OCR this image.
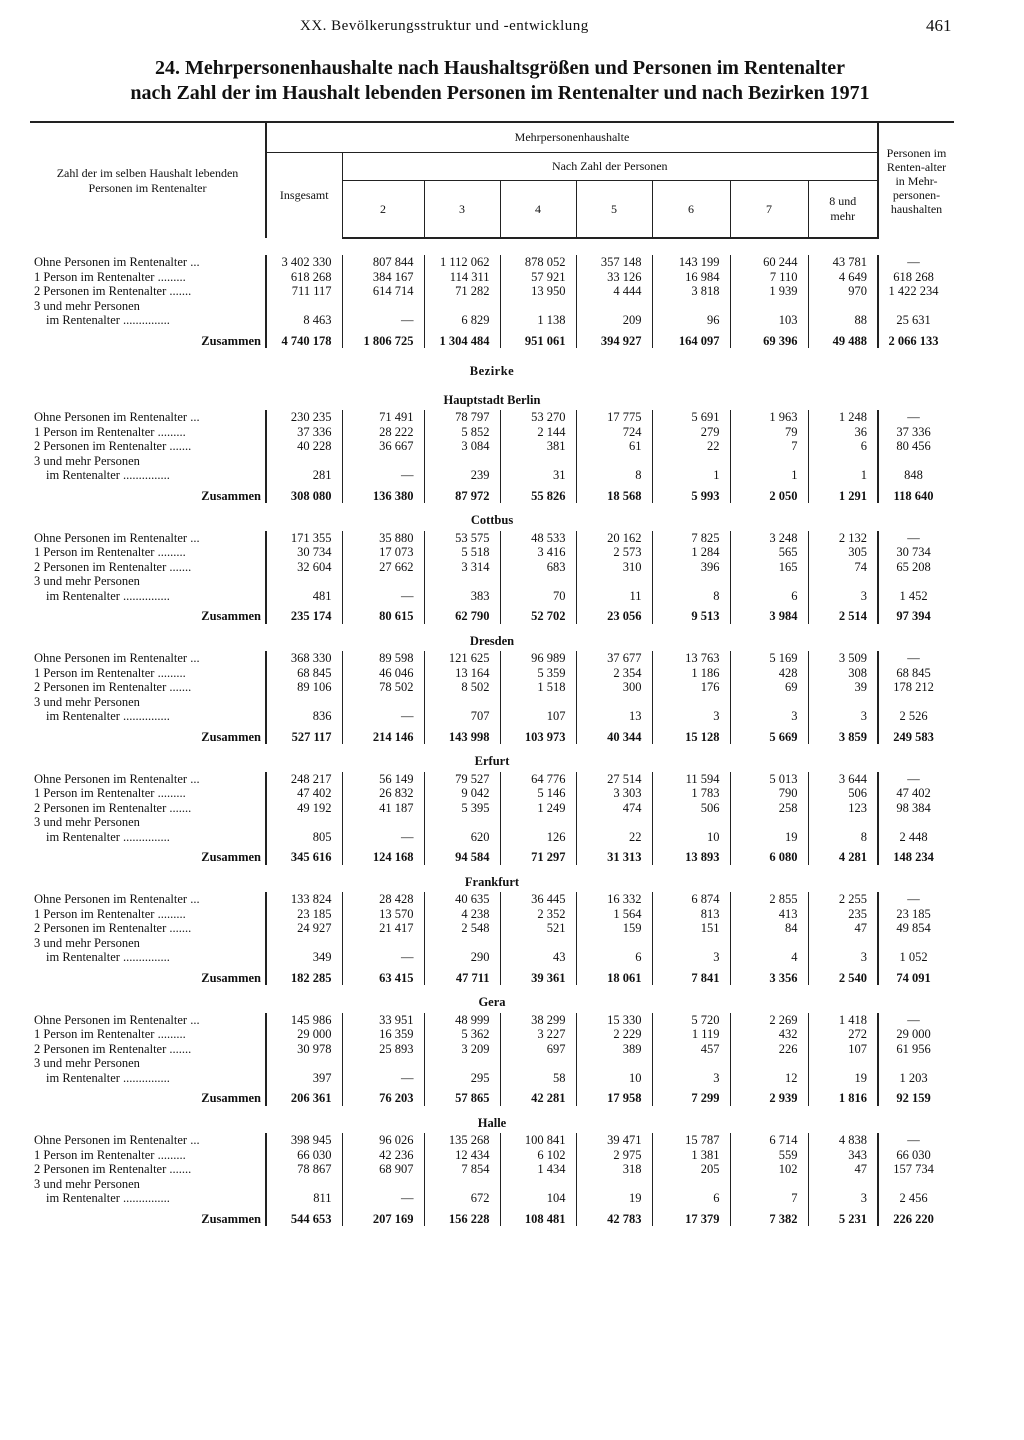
XX. Bevölkerungsstruktur und -entwicklung	461
24. Mehrpersonenhaushalte nach Haushaltsgrößen und Personen im Rentenalter
nach Zahl der im Haushalt lebenden Personen im Rentenalter und nach Bezirken 1971
Zahl der im selben Haushalt lebenden Personen im Rentenalter	Mehrpersonenhaushalte								Personen im Renten-alter in Mehr-personen-haushalten
	Insgesamt	Nach Zahl der Personen							
		2	3	4	5	6	7	8 und mehr	

Ohne Personen im Rentenalter ...	3 402 330	807 844	1 112 062	878 052	357 148	143 199	60 244	43 781	—

1 Person im Rentenalter .........	618 268	384 167	114 311	57 921	33 126	16 984	7 110	4 649	618 268

2 Personen im Rentenalter .......	711 117	614 714	71 282	13 950	4 444	3 818	1 939	970	1 422 234

3 und mehr Personen
im Rentenalter ...............	8 463	—	6 829	1 138	209	96	103	88	25 631
Zusammen	4 740 178	1 806 725	1 304 484	951 061	394 927	164 097	69 396	49 488	2 066 133
Bezirke									
Hauptstadt Berlin									

Ohne Personen im Rentenalter ...	230 235	71 491	78 797	53 270	17 775	5 691	1 963	1 248	—

1 Person im Rentenalter .........	37 336	28 222	5 852	2 144	724	279	79	36	37 336

2 Personen im Rentenalter .......	40 228	36 667	3 084	381	61	22	7	6	80 456

3 und mehr Personen
im Rentenalter ...............	281	—	239	31	8	1	1	1	848
Zusammen	308 080	136 380	87 972	55 826	18 568	5 993	2 050	1 291	118 640
Cottbus									

Ohne Personen im Rentenalter ...	171 355	35 880	53 575	48 533	20 162	7 825	3 248	2 132	—

1 Person im Rentenalter .........	30 734	17 073	5 518	3 416	2 573	1 284	565	305	30 734

2 Personen im Rentenalter .......	32 604	27 662	3 314	683	310	396	165	74	65 208

3 und mehr Personen
im Rentenalter ...............	481	—	383	70	11	8	6	3	1 452
Zusammen	235 174	80 615	62 790	52 702	23 056	9 513	3 984	2 514	97 394
Dresden									

Ohne Personen im Rentenalter ...	368 330	89 598	121 625	96 989	37 677	13 763	5 169	3 509	—

1 Person im Rentenalter .........	68 845	46 046	13 164	5 359	2 354	1 186	428	308	68 845

2 Personen im Rentenalter .......	89 106	78 502	8 502	1 518	300	176	69	39	178 212

3 und mehr Personen
im Rentenalter ...............	836	—	707	107	13	3	3	3	2 526
Zusammen	527 117	214 146	143 998	103 973	40 344	15 128	5 669	3 859	249 583
Erfurt									

Ohne Personen im Rentenalter ...	248 217	56 149	79 527	64 776	27 514	11 594	5 013	3 644	—

1 Person im Rentenalter .........	47 402	26 832	9 042	5 146	3 303	1 783	790	506	47 402

2 Personen im Rentenalter .......	49 192	41 187	5 395	1 249	474	506	258	123	98 384

3 und mehr Personen
im Rentenalter ...............	805	—	620	126	22	10	19	8	2 448
Zusammen	345 616	124 168	94 584	71 297	31 313	13 893	6 080	4 281	148 234
Frankfurt									

Ohne Personen im Rentenalter ...	133 824	28 428	40 635	36 445	16 332	6 874	2 855	2 255	—

1 Person im Rentenalter .........	23 185	13 570	4 238	2 352	1 564	813	413	235	23 185

2 Personen im Rentenalter .......	24 927	21 417	2 548	521	159	151	84	47	49 854

3 und mehr Personen
im Rentenalter ...............	349	—	290	43	6	3	4	3	1 052
Zusammen	182 285	63 415	47 711	39 361	18 061	7 841	3 356	2 540	74 091
Gera									

Ohne Personen im Rentenalter ...	145 986	33 951	48 999	38 299	15 330	5 720	2 269	1 418	—

1 Person im Rentenalter .........	29 000	16 359	5 362	3 227	2 229	1 119	432	272	29 000

2 Personen im Rentenalter .......	30 978	25 893	3 209	697	389	457	226	107	61 956

3 und mehr Personen
im Rentenalter ...............	397	—	295	58	10	3	12	19	1 203
Zusammen	206 361	76 203	57 865	42 281	17 958	7 299	2 939	1 816	92 159
Halle									

Ohne Personen im Rentenalter ...	398 945	96 026	135 268	100 841	39 471	15 787	6 714	4 838	—

1 Person im Rentenalter .........	66 030	42 236	12 434	6 102	2 975	1 381	559	343	66 030

2 Personen im Rentenalter .......	78 867	68 907	7 854	1 434	318	205	102	47	157 734

3 und mehr Personen
im Rentenalter ...............	811	—	672	104	19	6	7	3	2 456
Zusammen	544 653	207 169	156 228	108 481	42 783	17 379	7 382	5 231	226 220
